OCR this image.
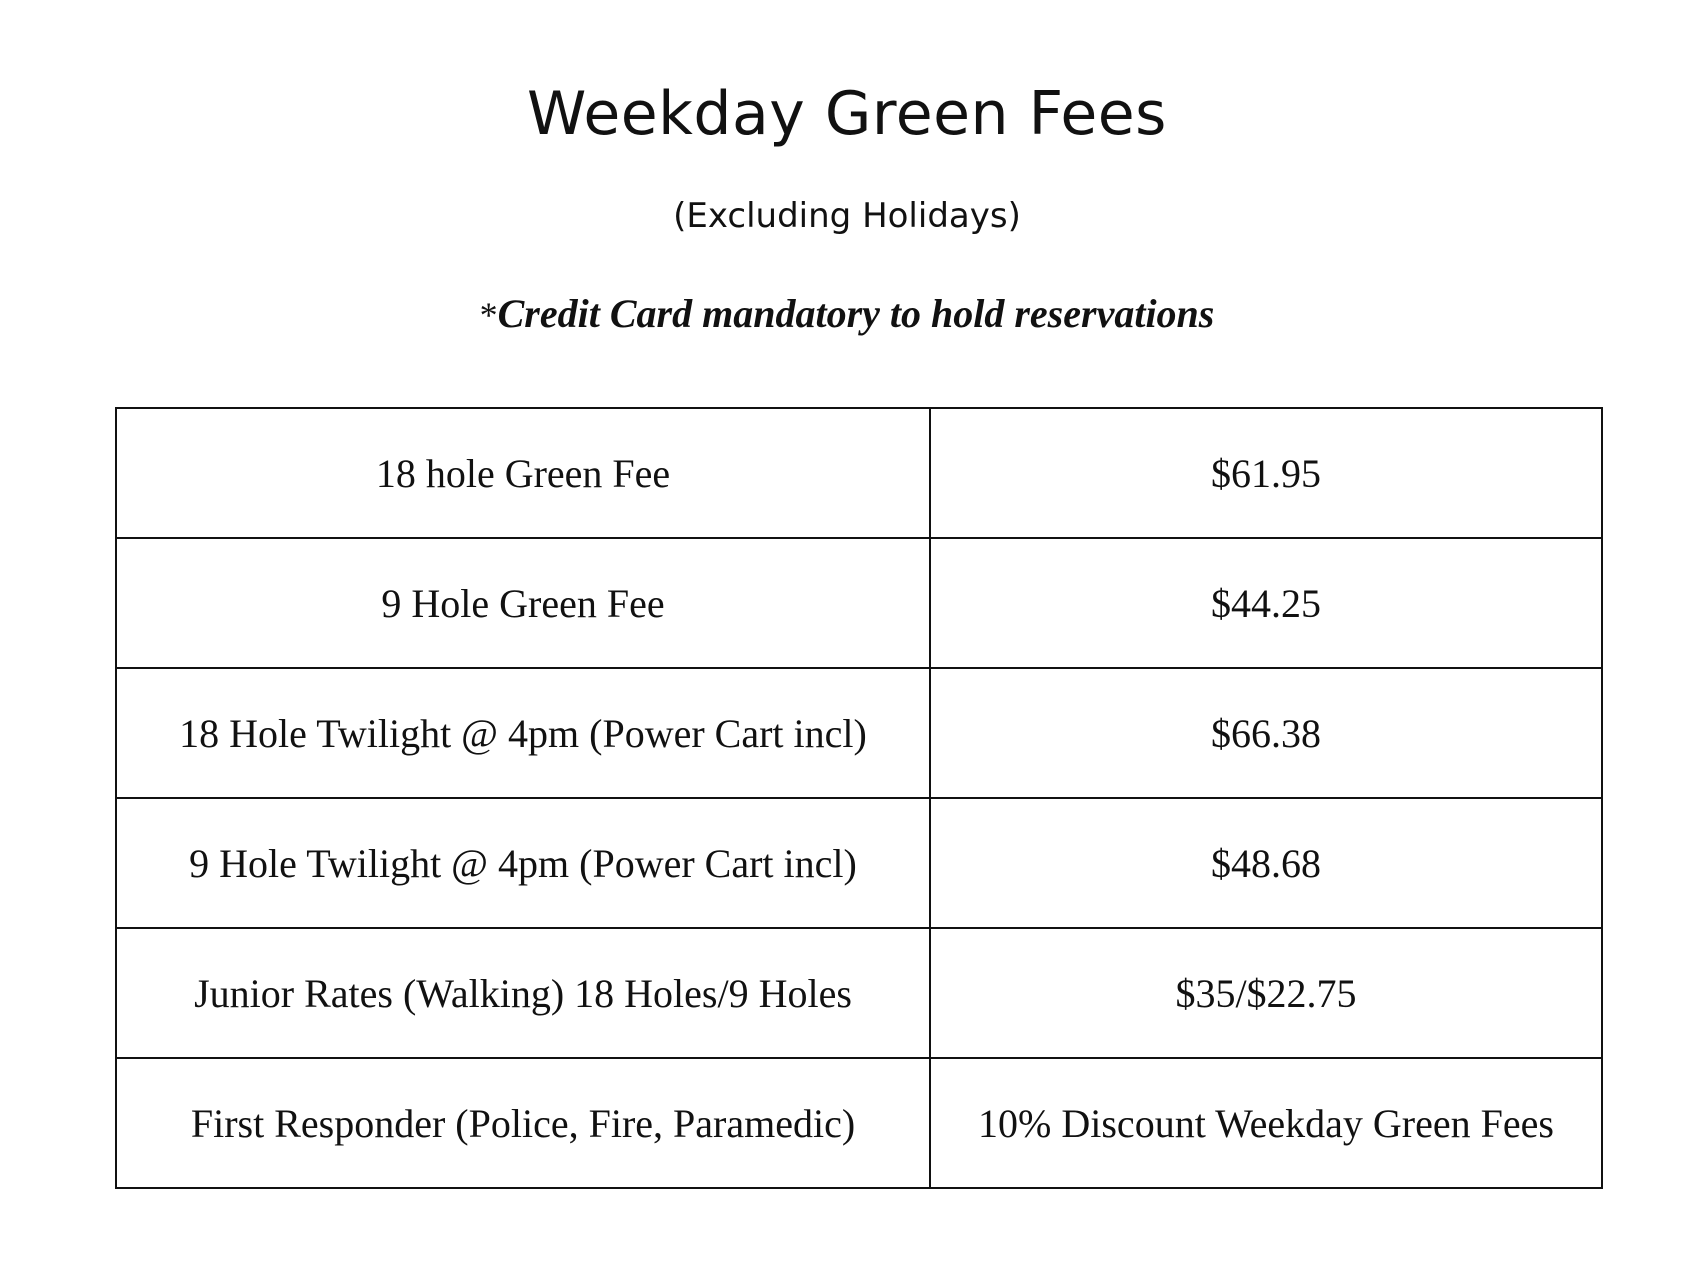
Weekday Green Fees

(Excluding Holidays)

*Credit Card mandatory to hold reservations

18 hole Green Fee	$61.95
9 Hole Green Fee	$44.25
18 Hole Twilight @ 4pm (Power Cart incl)	$66.38
9 Hole Twilight @ 4pm (Power Cart incl)	$48.68
Junior Rates (Walking) 18 Holes/9 Holes	$35/$22.75
First Responder (Police, Fire, Paramedic)	10% Discount Weekday Green Fees
